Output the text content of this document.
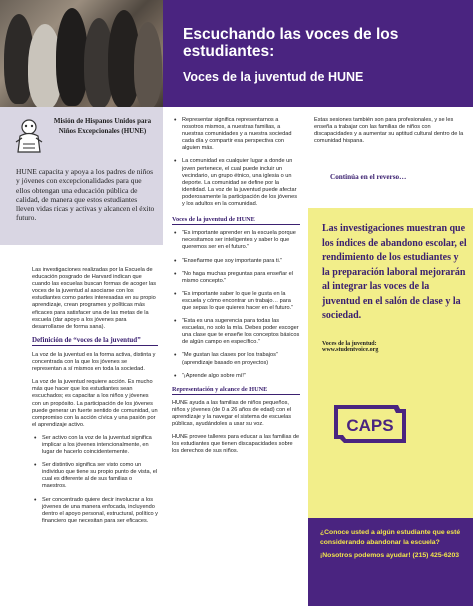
Escuchando las voces de los estudiantes:
Voces de la juventud de HUNE
Misión de Hispanos Unidos para Niños Excepcionales (HUNE)
HUNE capacita y apoya a los padres de niños y jóvenes con excepcionalidades para que ellos obtengan una educación pública de calidad, de manera que estos estudiantes lleven vidas ricas y activas y alcancen el éxito futuro.

Las investigaciones realizadas por la Escuela de educación posgrado de Harvard indican que cuando las escuelas buscan formas de acoger las voces de la juventud al asociarse con los estudiantes como partes interesadas en su propio aprendizaje, crean programes y políticas más eficaces para satisfacer una de las metas de la escuela (dar apoyo a los jóvenes para desarrollarse de forma sana).

Definición de “voces de la juventud”

La voz de la juventud es la forma activa, distinta y concentrada con la que los jóvenes se representan a sí mismos en toda la sociedad.

La voz de la juventud requiere acción. Es mucho más que hacer que los estudiantes sean escuchados; es capacitar a los niños y jóvenes con un propósito. La participación de los jóvenes puede generar un fuerte sentido de comunidad, un compromiso con la acción cívica y una pasión por el aprendizaje activo.

• Ser activo con la voz de la juventud significa implicar a los jóvenes intencionalmente, en lugar de hacerlo coincidentemente.
• Ser distintivo significa ser visto como un individuo que tiene su propio punto de vista, el cual es diferente al de sus familias o maestros.
• Ser concentrado quiere decir involucrar a los jóvenes de una manera enfocada, incluyendo dentro el apoyo personal, estructural, político y financiero que necesitan para ser eficaces.
• Representar significa representarnos a nosotros mismos, a nuestras familias, a nuestras comunidades y a nuestra sociedad cada día y compartir esa perspectiva con alguien más.
• La comunidad es cualquier lugar a donde un joven pertenece, el cual puede incluir un vecindario, un grupo étnico, una iglesia o un deporte. La comunidad se define por la identidad. La voz de la juventud puede afectar poderosamente la participación de los jóvenes y los adultos en la comunidad.
Voces de la juventud de HUNE
• “Es importante aprender en la escuela porque necesitamos ser inteligentes y saber lo que queremos ser en el futuro.”
• “Enseñarme que soy importante para ti.”
• “No haga muchas preguntas para enseñar el mismo concepto.”
• “Es importante saber lo que le gusta en la escuela y cómo encontrar un trabajo… para que sepas lo que quieres hacer en el futuro.”
• “Esta es una sugerencia para todas las escuelas, no solo la mía. Debes poder escoger una clase que te enseñe los conceptos básicos de algún campo en específico.”
• “Me gustan las clases por los trabajos” (aprendizaje basado en proyectos)
• “¡Aprende algo sobre mí!”
Representación y alcance de HUNE

HUNE ayuda a las familias de niños pequeños, niños y jóvenes (de 0 a 26 años de edad) con el aprendizaje y la navegar el sistema de escuelas públicas, ayudándoles a usar su voz.

HUNE provee talleres para educar a las familias de los estudiantes que tienen discapacidades sobre los derechos de sus niños.

Estas sesiones también son para profesionales, y se les enseña a trabajar con las familias de niños con discapacidades y a aumentar su aptitud cultural dentro de la comunidad hispana.

Continúa en el reverso…
Las investigaciones muestran que los índices de abandono escolar, el rendimiento de los estudiantes y la preparación laboral mejorarán al integrar las voces de la juventud en el salón de clase y la sociedad.
Voces de la juventud:
www.studentvoice.org
CAPS
¿Conoce usted a algún estudiante que esté considerando abandonar la escuela?
¡Nosotros podemos ayudar! (215) 425-6203
